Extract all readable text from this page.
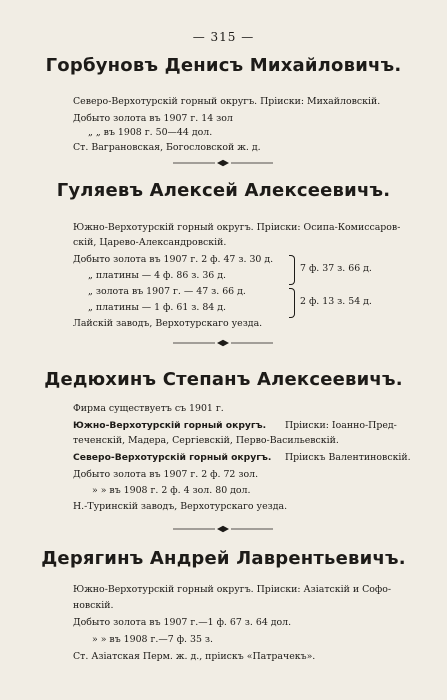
— 315 —
Горбуновъ Денисъ Михайловичъ.
Северо-Верхотурскій горный округъ. Пріиски: Михайловскій.
Добыто золота въ 1907 г. 14 зол
„ „ въ 1908 г. 50—44 дол.
Ст. Ваграновская, Богословской ж. д.
Гуляевъ Алексей Алексеевичъ.
Южно-Верхотурскій горный округъ. Пріиски: Осипа-Комиссаров-
скій, Царево-Александровскій.
Добыто золота въ 1907 г. 2 ф. 47 з. 30 д.
„ платины — 4 ф. 86 з. 36 д.
„ золота въ 1907 г. — 47 з. 66 д.
„ платины — 1 ф. 61 з. 84 д.
Лайскій заводъ, Верхотурскаго уезда.
7 ф. 37 з. 66 д.
2 ф. 13 з. 54 д.
Дедюхинъ Степанъ Алексеевичъ.
Фирма существуетъ съ 1901 г.
Южно-Верхотурскій горный округъ. Пріиски: Іоанно-Пред-
теченскій, Мадера, Сергіевскій, Перво-Васильевскій.
Северо-Верхотурскій горный округъ. Пріискъ Валентиновскій.
Добыто золота въ 1907 г. 2 ф. 72 зол.
» » въ 1908 г. 2 ф. 4 зол. 80 дол.
Н.-Туринскій заводъ, Верхотурскаго уезда.
Дерягинъ Андрей Лаврентьевичъ.
Южно-Верхотурскій горный округъ. Пріиски: Азіатскій и Софо-
новскій.
Добыто золота въ 1907 г.—1 ф. 67 з. 64 дол.
» » въ 1908 г.—7 ф. 35 з.
Ст. Азіатская Перм. ж. д., пріискъ «Патрачекъ».
